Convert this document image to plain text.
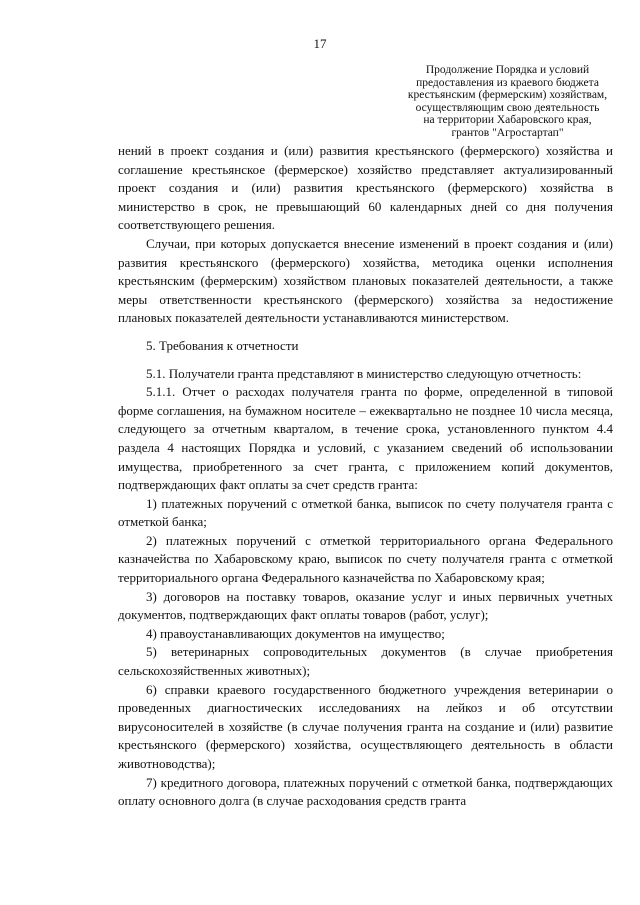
17
Продолжение Порядка и условий
предоставления из краевого бюджета
крестьянским (фермерским) хозяйствам,
осуществляющим свою деятельность
на территории Хабаровского края,
грантов "Агростартап"

нений в проект создания и (или) развития крестьянского (фермерского) хозяйства и соглашение крестьянское (фермерское) хозяйство представляет актуализированный проект создания и (или) развития крестьянского (фермерского) хозяйства в министерство в срок, не превышающий 60 календарных дней со дня получения соответствующего решения.

Случаи, при которых допускается внесение изменений в проект создания и (или) развития крестьянского (фермерского) хозяйства, методика оценки исполнения крестьянским (фермерским) хозяйством плановых показателей деятельности, а также меры ответственности крестьянского (фермерского) хозяйства за недостижение плановых показателей деятельности устанавливаются министерством.

5. Требования к отчетности

5.1. Получатели гранта представляют в министерство следующую отчетность:

5.1.1. Отчет о расходах получателя гранта по форме, определенной в типовой форме соглашения, на бумажном носителе – ежеквартально не позднее 10 числа месяца, следующего за отчетным кварталом, в течение срока, установленного пунктом 4.4 раздела 4 настоящих Порядка и условий, с указанием сведений об использовании имущества, приобретенного за счет гранта, с приложением копий документов, подтверждающих факт оплаты за счет средств гранта:

1) платежных поручений с отметкой банка, выписок по счету получателя гранта с отметкой банка;

2) платежных поручений с отметкой территориального органа Федерального казначейства по Хабаровскому краю, выписок по счету получателя гранта с отметкой территориального органа Федерального казначейства по Хабаровскому края;

3) договоров на поставку товаров, оказание услуг и иных первичных учетных документов, подтверждающих факт оплаты товаров (работ, услуг);

4) правоустанавливающих документов на имущество;

5) ветеринарных сопроводительных документов (в случае приобретения сельскохозяйственных животных);

6) справки краевого государственного бюджетного учреждения ветеринарии о проведенных диагностических исследованиях на лейкоз и об отсутствии вирусоносителей в хозяйстве (в случае получения гранта на создание и (или) развитие крестьянского (фермерского) хозяйства, осуществляющего деятельность в области животноводства);

7) кредитного договора, платежных поручений с отметкой банка, подтверждающих оплату основного долга (в случае расходования средств гранта
